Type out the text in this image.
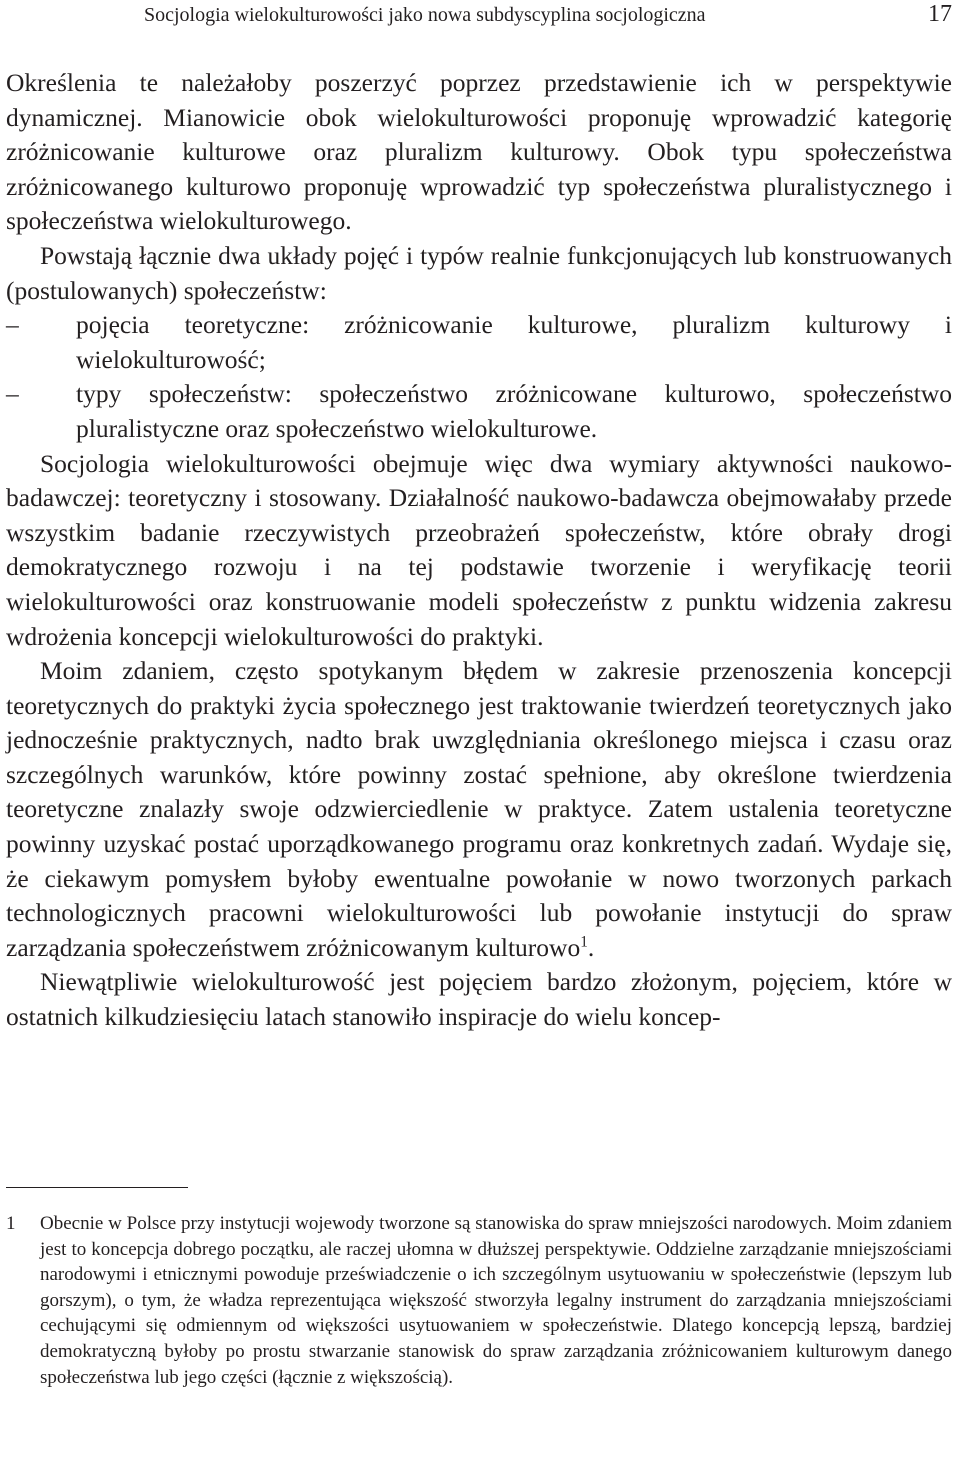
Socjologia wielokulturowości jako nowa subdyscyplina socjologiczna	17

Określenia te należałoby poszerzyć poprzez przedstawienie ich w perspektywie dynamicznej. Mianowicie obok wielokulturowości proponuję wprowadzić kategorię zróżnicowanie kulturowe oraz pluralizm kulturowy. Obok typu społeczeństwa zróżnicowanego kulturowo proponuję wprowadzić typ społeczeństwa pluralistycznego i społeczeństwa wielokulturowego.

Powstają łącznie dwa układy pojęć i typów realnie funkcjonujących lub konstruowanych (postulowanych) społeczeństw:

–	pojęcia teoretyczne: zróżnicowanie kulturowe, pluralizm kulturowy i wielokulturowość;
–	typy społeczeństw: społeczeństwo zróżnicowane kulturowo, społeczeństwo pluralistyczne oraz społeczeństwo wielokulturowe.

Socjologia wielokulturowości obejmuje więc dwa wymiary aktywności naukowo-badawczej: teoretyczny i stosowany. Działalność naukowo-badawcza obejmowałaby przede wszystkim badanie rzeczywistych przeobrażeń społeczeństw, które obrały drogi demokratycznego rozwoju i na tej podstawie tworzenie i weryfikację teorii wielokulturowości oraz konstruowanie modeli społeczeństw z punktu widzenia zakresu wdrożenia koncepcji wielokulturowości do praktyki.

Moim zdaniem, często spotykanym błędem w zakresie przenoszenia koncepcji teoretycznych do praktyki życia społecznego jest traktowanie twierdzeń teoretycznych jako jednocześnie praktycznych, nadto brak uwzględniania określonego miejsca i czasu oraz szczególnych warunków, które powinny zostać spełnione, aby określone twierdzenia teoretyczne znalazły swoje odzwierciedlenie w praktyce. Zatem ustalenia teoretyczne powinny uzyskać postać uporządkowanego programu oraz konkretnych zadań. Wydaje się, że ciekawym pomysłem byłoby ewentualne powołanie w nowo tworzonych parkach technologicznych pracowni wielokulturowości lub powołanie instytucji do spraw zarządzania społeczeństwem zróżnicowanym kulturowo$^1$.

Niewątpliwie wielokulturowość jest pojęciem bardzo złożonym, pojęciem, które w ostatnich kilkudziesięciu latach stanowiło inspiracje do wielu koncep-

1 Obecnie w Polsce przy instytucji wojewody tworzone są stanowiska do spraw mniejszości narodowych. Moim zdaniem jest to koncepcja dobrego początku, ale raczej ułomna w dłuższej perspektywie. Oddzielne zarządzanie mniejszościami narodowymi i etnicznymi powoduje przeświadczenie o ich szczególnym usytuowaniu w społeczeństwie (lepszym lub gorszym), o tym, że władza reprezentująca większość stworzyła legalny instrument do zarządzania mniejszościami cechującymi się odmiennym od większości usytuowaniem w społeczeństwie. Dlatego koncepcją lepszą, bardziej demokratyczną byłoby po prostu stwarzanie stanowisk do spraw zarządzania zróżnicowaniem kulturowym danego społeczeństwa lub jego części (łącznie z większością).
